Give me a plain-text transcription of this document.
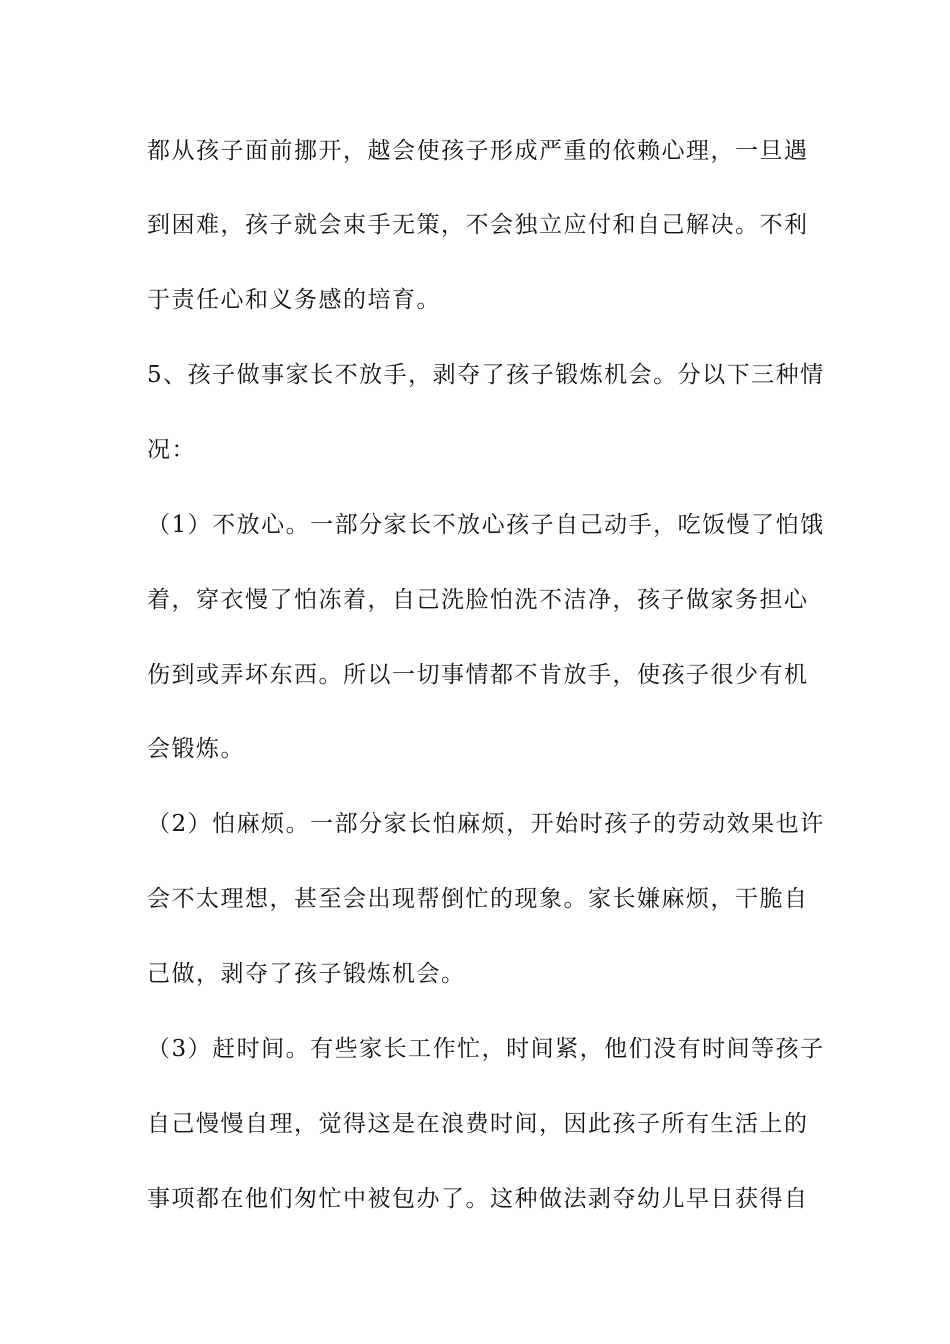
都从孩子面前挪开，越会使孩子形成严重的依赖心理，一旦遇
到困难，孩子就会束手无策，不会独立应付和自己解决。不利
于责任心和义务感的培育。
5、孩子做事家长不放手，剥夺了孩子锻炼机会。分以下三种情
况：
（1）不放心。一部分家长不放心孩子自己动手，吃饭慢了怕饿
着，穿衣慢了怕冻着，自己洗脸怕洗不洁净，孩子做家务担心
伤到或弄坏东西。所以一切事情都不肯放手，使孩子很少有机
会锻炼。
（2）怕麻烦。一部分家长怕麻烦，开始时孩子的劳动效果也许
会不太理想，甚至会出现帮倒忙的现象。家长嫌麻烦，干脆自
己做，剥夺了孩子锻炼机会。
（3）赶时间。有些家长工作忙，时间紧，他们没有时间等孩子
自己慢慢自理，觉得这是在浪费时间，因此孩子所有生活上的
事项都在他们匆忙中被包办了。这种做法剥夺幼儿早日获得自
